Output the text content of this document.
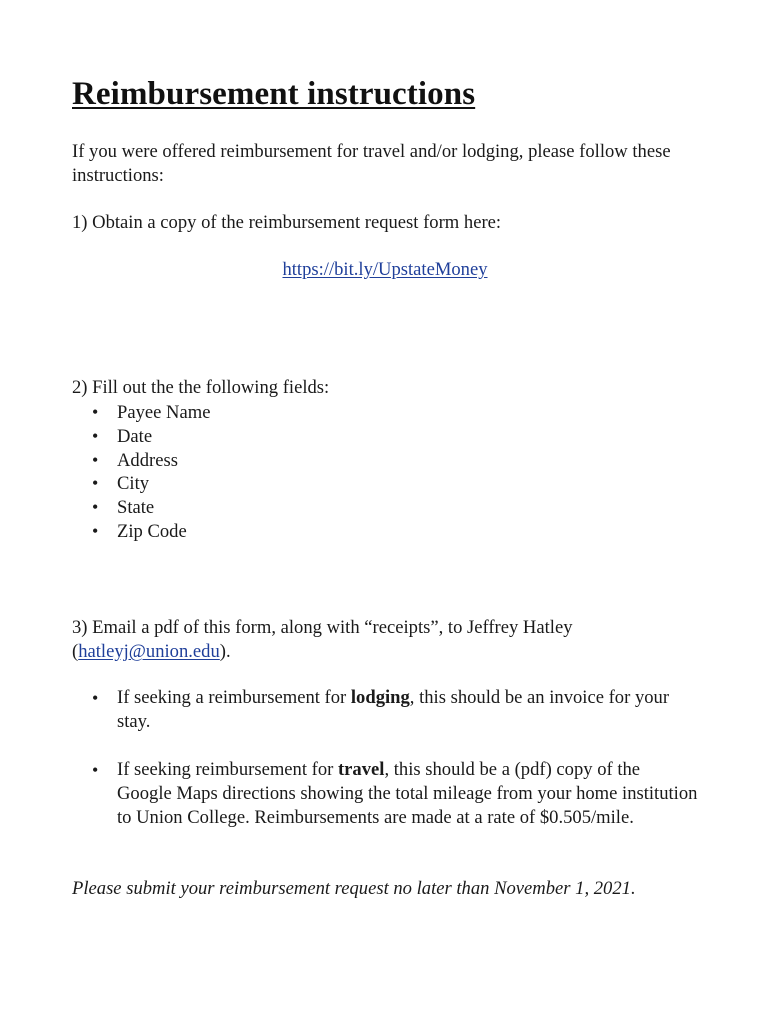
Reimbursement instructions

If you were offered reimbursement for travel and/or lodging, please follow these instructions:

1) Obtain a copy of the reimbursement request form here:

https://bit.ly/UpstateMoney

2) Fill out the the following fields:

• Payee Name
• Date
• Address
• City
• State
• Zip Code

3) Email a pdf of this form, along with “receipts”, to Jeffrey Hatley (hatleyj@union.edu).

• If seeking a reimbursement for lodging, this should be an invoice for your stay.
• If seeking reimbursement for travel, this should be a (pdf) copy of the Google Maps directions showing the total mileage from your home institution to Union College. Reimbursements are made at a rate of $0.505/mile.

Please submit your reimbursement request no later than November 1, 2021.
